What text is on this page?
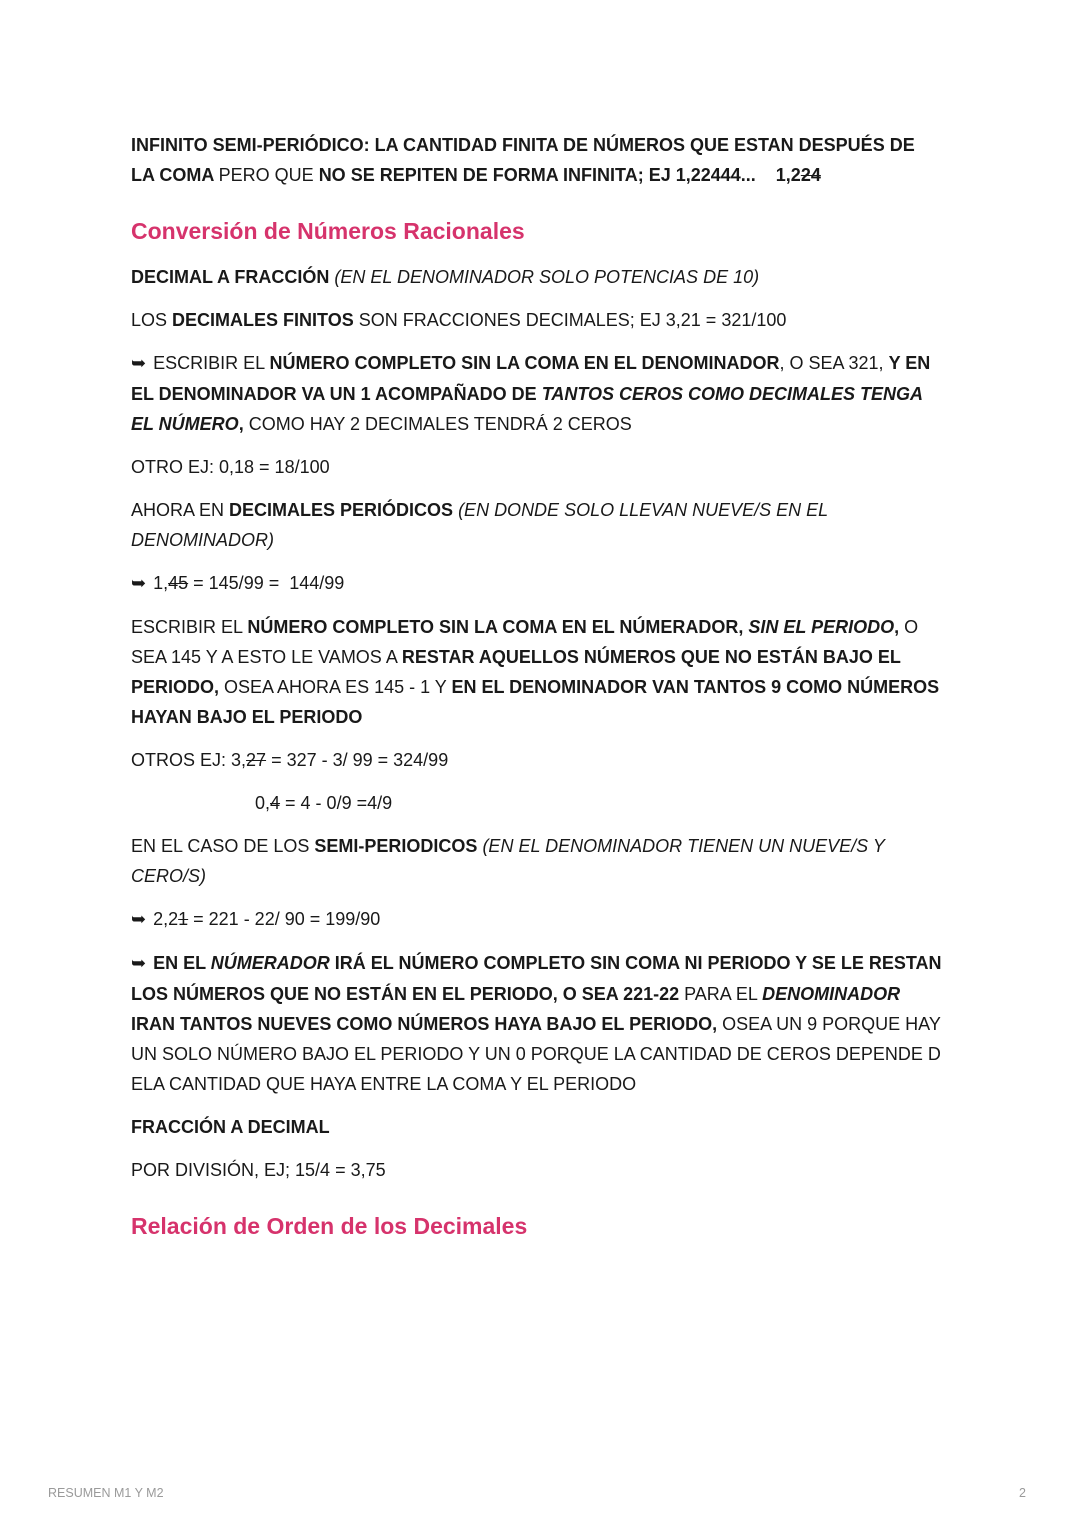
INFINITO SEMI-PERIÓDICO: LA CANTIDAD FINITA DE NÚMEROS QUE ESTAN DESPUÉS DE LA COMA PERO QUE NO SE REPITEN DE FORMA INFINITA; EJ 1,22444...    1,224

Conversión de Números Racionales

DECIMAL A FRACCIÓN (EN EL DENOMINADOR SOLO POTENCIAS DE 10)

LOS DECIMALES FINITOS SON FRACCIONES DECIMALES; EJ 3,21 = 321/100

➥ ESCRIBIR EL NÚMERO COMPLETO SIN LA COMA EN EL DENOMINADOR, O SEA 321, Y EN EL DENOMINADOR VA UN 1 ACOMPAÑADO DE TANTOS CEROS COMO DECIMALES TENGA EL NÚMERO, COMO HAY 2 DECIMALES TENDRÁ 2 CEROS

OTRO EJ: 0,18 = 18/100

AHORA EN DECIMALES PERIÓDICOS (EN DONDE SOLO LLEVAN NUEVE/S EN EL DENOMINADOR)

➥ 1,45 = 145/99 =  144/99

ESCRIBIR EL NÚMERO COMPLETO SIN LA COMA EN EL NÚMERADOR, SIN EL PERIODO, O SEA 145 Y A ESTO LE VAMOS A RESTAR AQUELLOS NÚMEROS QUE NO ESTÁN BAJO EL PERIODO, OSEA AHORA ES 145 - 1 Y EN EL DENOMINADOR VAN TANTOS 9 COMO NÚMEROS HAYAN BAJO EL PERIODO

OTROS EJ: 3,27 = 327 - 3/ 99 = 324/99

0,4 = 4 - 0/9 =4/9

EN EL CASO DE LOS SEMI-PERIODICOS (EN EL DENOMINADOR TIENEN UN NUEVE/S Y CERO/S)

➥ 2,21 = 221 - 22/ 90 = 199/90

➥ EN EL NÚMERADOR IRÁ EL NÚMERO COMPLETO SIN COMA NI PERIODO Y SE LE RESTAN LOS NÚMEROS QUE NO ESTÁN EN EL PERIODO, O SEA 221-22 PARA EL DENOMINADOR IRAN TANTOS NUEVES COMO NÚMEROS HAYA BAJO EL PERIODO, OSEA UN 9 PORQUE HAY UN SOLO NÚMERO BAJO EL PERIODO Y UN 0 PORQUE LA CANTIDAD DE CEROS DEPENDE D ELA CANTIDAD QUE HAYA ENTRE LA COMA Y EL PERIODO

FRACCIÓN A DECIMAL

POR DIVISIÓN, EJ; 15/4 = 3,75

Relación de Orden de los Decimales
RESUMEN M1 Y M2	2
